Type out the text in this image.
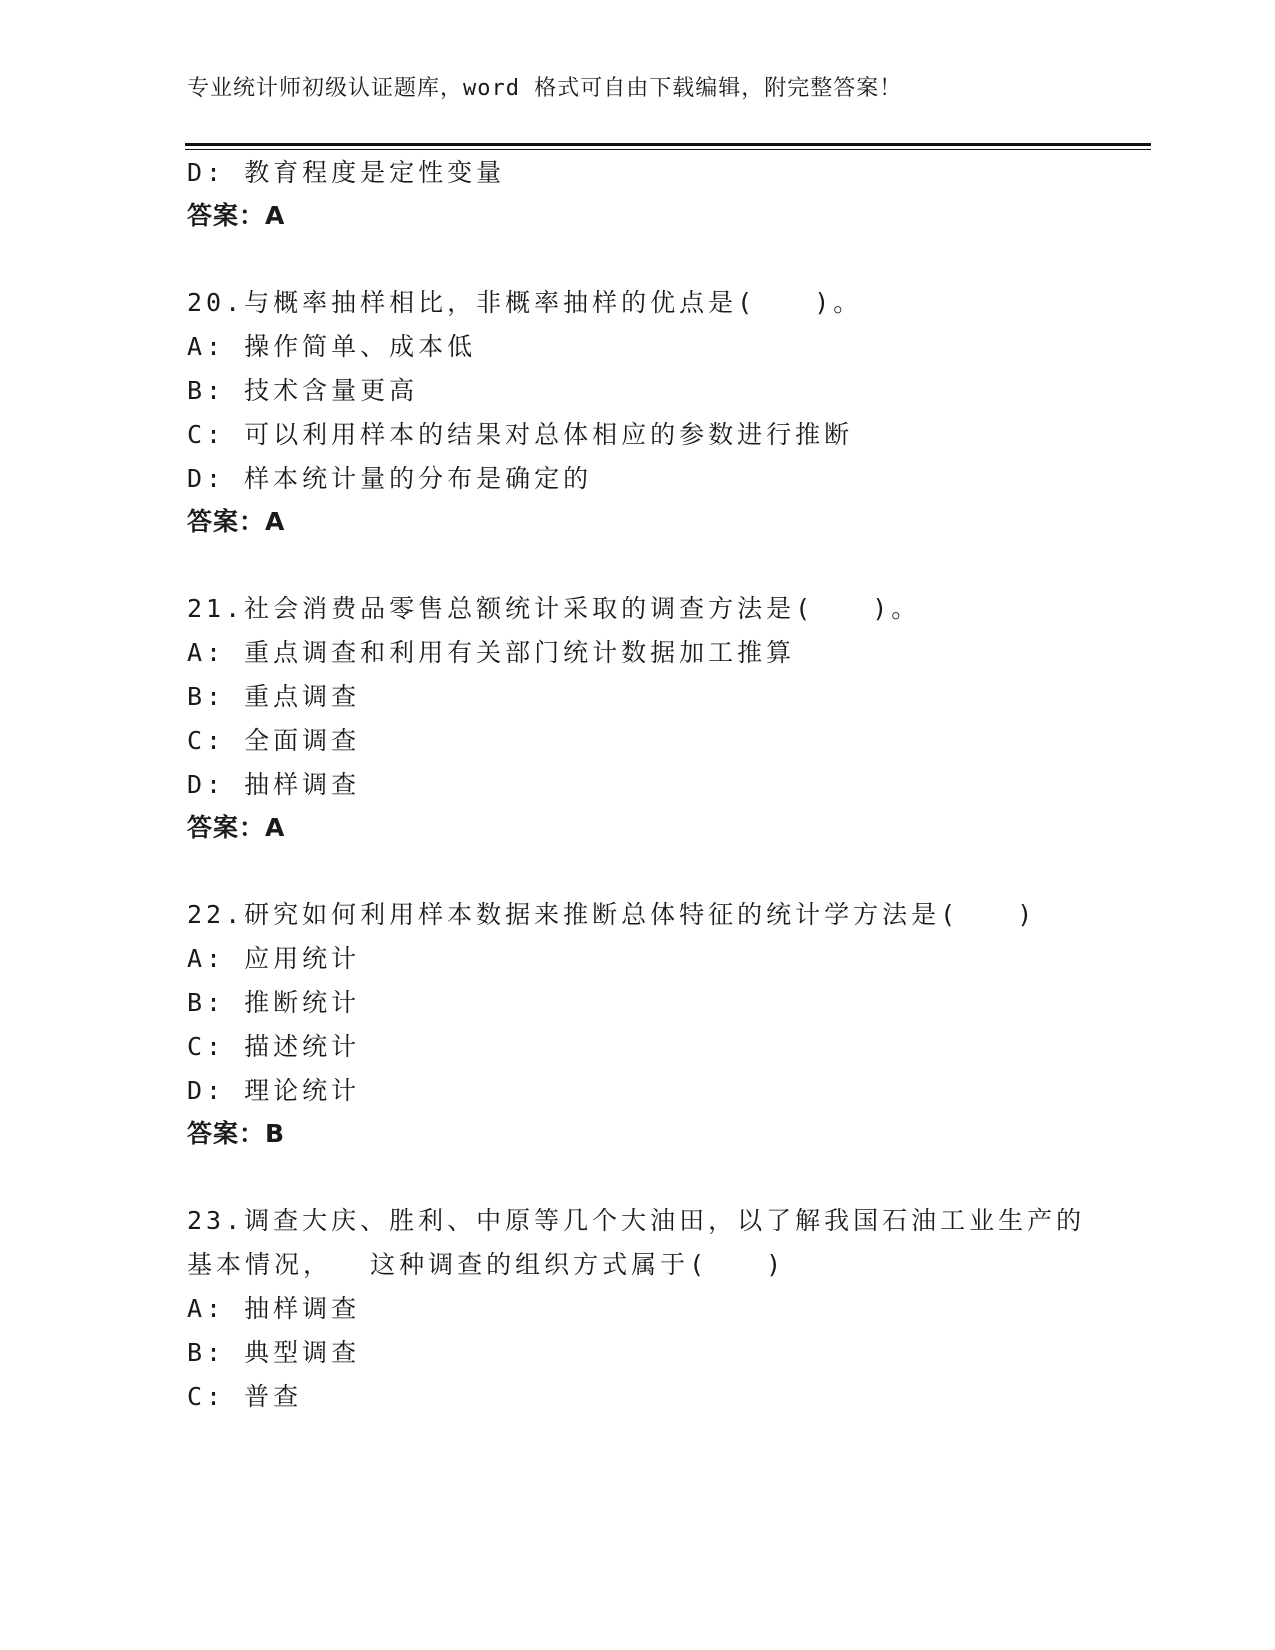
专业统计师初级认证题库，word 格式可自由下载编辑，附完整答案！
D: 教育程度是定性变量
答案：A
20.与概率抽样相比，非概率抽样的优点是(　　)。
A: 操作简单、成本低
B: 技术含量更高
C: 可以利用样本的结果对总体相应的参数进行推断
D: 样本统计量的分布是确定的
答案：A
21.社会消费品零售总额统计采取的调查方法是(　　)。
A: 重点调查和利用有关部门统计数据加工推算
B: 重点调查
C: 全面调查
D: 抽样调查
答案：A
22.研究如何利用样本数据来推断总体特征的统计学方法是(　　)
A: 应用统计
B: 推断统计
C: 描述统计
D: 理论统计
答案：B
23.调查大庆、胜利、中原等几个大油田，以了解我国石油工业生产的
基本情况，  这种调查的组织方式属于(　　)
A: 抽样调查
B: 典型调查
C: 普查
